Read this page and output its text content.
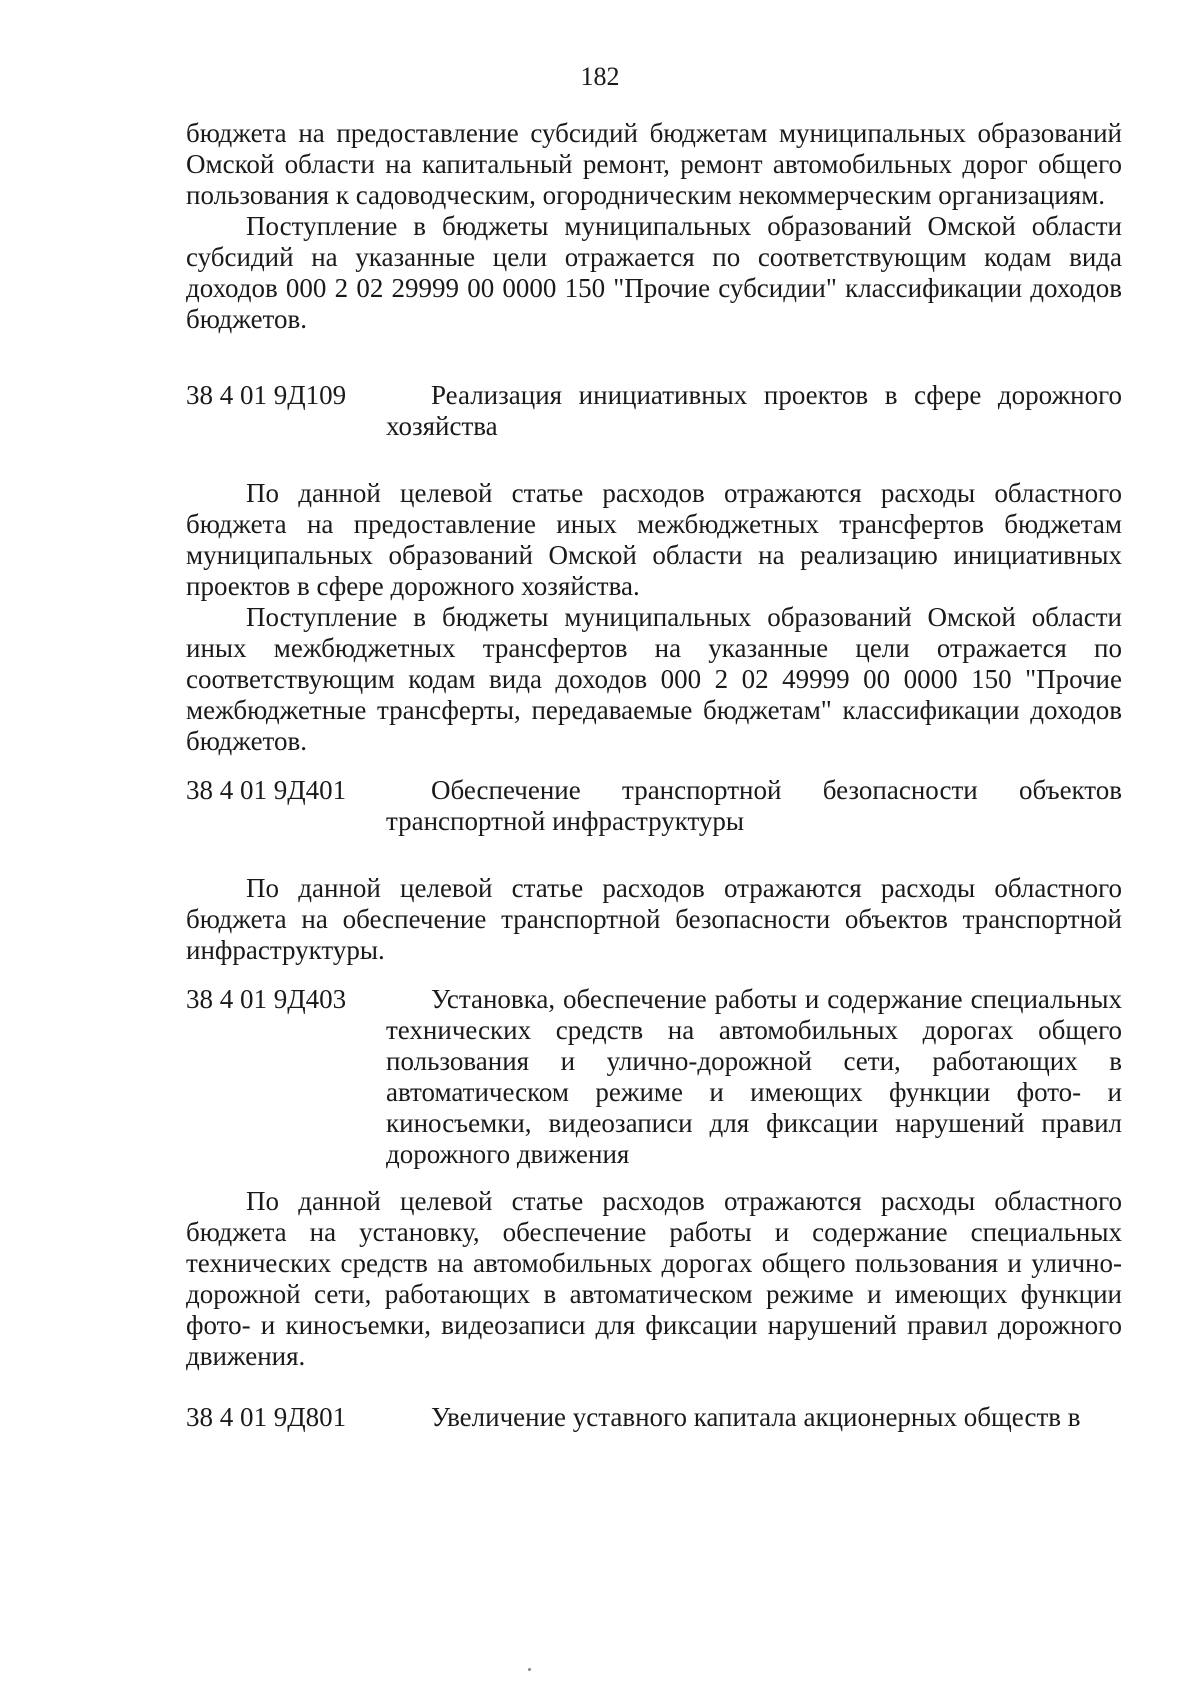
182

бюджета на предоставление субсидий бюджетам муниципальных образований Омской области на капитальный ремонт, ремонт автомобильных дорог общего пользования к садоводческим, огородническим некоммерческим организациям.

Поступление в бюджеты муниципальных образований Омской области субсидий на указанные цели отражается по соответствующим кодам вида доходов 000 2 02 29999 00 0000 150 "Прочие субсидии" классификации доходов бюджетов.

38 4 01 9Д109	Реализация инициативных проектов в сфере дорожного хозяйства

По данной целевой статье расходов отражаются расходы областного бюджета на предоставление иных межбюджетных трансфертов бюджетам муниципальных образований Омской области на реализацию инициативных проектов в сфере дорожного хозяйства.

Поступление в бюджеты муниципальных образований Омской области иных межбюджетных трансфертов на указанные цели отражается по соответствующим кодам вида доходов 000 2 02 49999 00 0000 150 "Прочие межбюджетные трансферты, передаваемые бюджетам" классификации доходов бюджетов.

38 4 01 9Д401	Обеспечение транспортной безопасности объектов транспортной инфраструктуры

По данной целевой статье расходов отражаются расходы областного бюджета на обеспечение транспортной безопасности объектов транспортной инфраструктуры.

38 4 01 9Д403	Установка, обеспечение работы и содержание специальных технических средств на автомобильных дорогах общего пользования и улично-дорожной сети, работающих в автоматическом режиме и имеющих функции фото- и киносъемки, видеозаписи для фиксации нарушений правил дорожного движения

По данной целевой статье расходов отражаются расходы областного бюджета на установку, обеспечение работы и содержание специальных технических средств на автомобильных дорогах общего пользования и улично-дорожной сети, работающих в автоматическом режиме и имеющих функции фото- и киносъемки, видеозаписи для фиксации нарушений правил дорожного движения.

38 4 01 9Д801	Увеличение уставного капитала акционерных обществ в
